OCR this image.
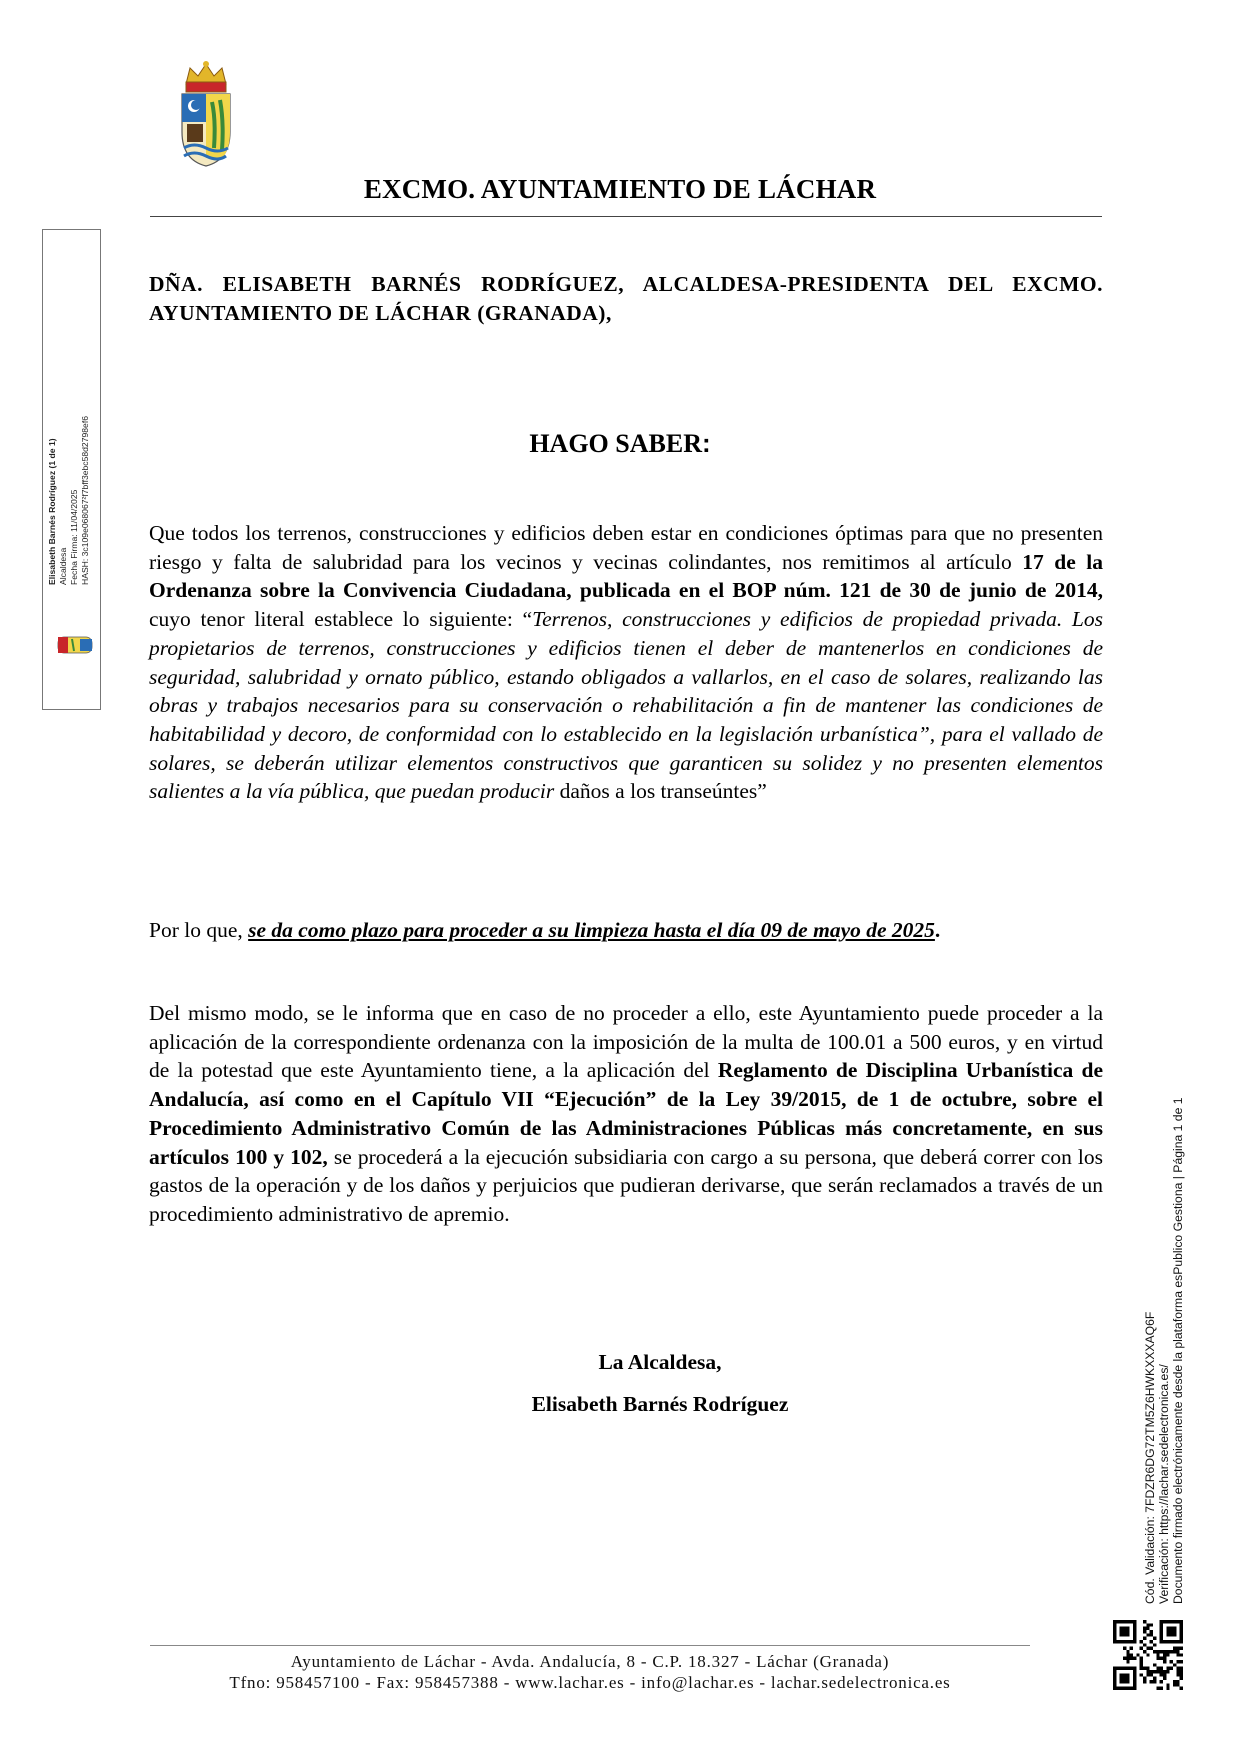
EXCMO. AYUNTAMIENTO DE LÁCHAR
Elisabeth Barnés Rodríguez (1 de 1) Alcaldesa Fecha Firma: 11/04/2025 HASH: 3c109e068067²f7bff3ebc58d2798ef6
DÑA. ELISABETH BARNÉS RODRÍGUEZ, ALCALDESA-PRESIDENTA DEL EXCMO. AYUNTAMIENTO DE LÁCHAR (GRANADA),
HAGO SABER:
Que todos los terrenos, construcciones y edificios deben estar en condiciones óptimas para que no presenten riesgo y falta de salubridad para los vecinos y vecinas colindantes, nos remitimos al artículo 17 de la Ordenanza sobre la Convivencia Ciudadana, publicada en el BOP núm. 121 de 30 de junio de 2014, cuyo tenor literal establece lo siguiente: “Terrenos, construcciones y edificios de propiedad privada. Los propietarios de terrenos, construcciones y edificios tienen el deber de mantenerlos en condiciones de seguridad, salubridad y ornato público, estando obligados a vallarlos, en el caso de solares, realizando las obras y trabajos necesarios para su conservación o rehabilitación a fin de mantener las condiciones de habitabilidad y decoro, de conformidad con lo establecido en la legislación urbanística”, para el vallado de solares, se deberán utilizar elementos constructivos que garanticen su solidez y no presenten elementos salientes a la vía pública, que puedan producir daños a los transeúntes”
Por lo que, se da como plazo para proceder a su limpieza hasta el día 09 de mayo de 2025.
Del mismo modo, se le informa que en caso de no proceder a ello, este Ayuntamiento puede proceder a la aplicación de la correspondiente ordenanza con la imposición de la multa de 100.01 a 500 euros, y en virtud de la potestad que este Ayuntamiento tiene, a la aplicación del Reglamento de Disciplina Urbanística de Andalucía, así como en el Capítulo VII “Ejecución” de la Ley 39/2015, de 1 de octubre, sobre el Procedimiento Administrativo Común de las Administraciones Públicas más concretamente, en sus artículos 100 y 102, se procederá a la ejecución subsidiaria con cargo a su persona, que deberá correr con los gastos de la operación y de los daños y perjuicios que pudieran derivarse, que serán reclamados a través de un procedimiento administrativo de apremio.
La Alcaldesa,
Elisabeth Barnés Rodríguez
Ayuntamiento de Láchar - Avda. Andalucía, 8 - C.P. 18.327 - Láchar (Granada)
Tfno: 958457100 - Fax: 958457388 - www.lachar.es - info@lachar.es - lachar.sedelectronica.es
Cód. Validación: 7FDZR6DG72TM5Z6HWKXXXAQ6F Verificación: https://lachar.sedelectronica.es/ Documento firmado electrónicamente desde la plataforma esPublico Gestiona | Página 1 de 1
